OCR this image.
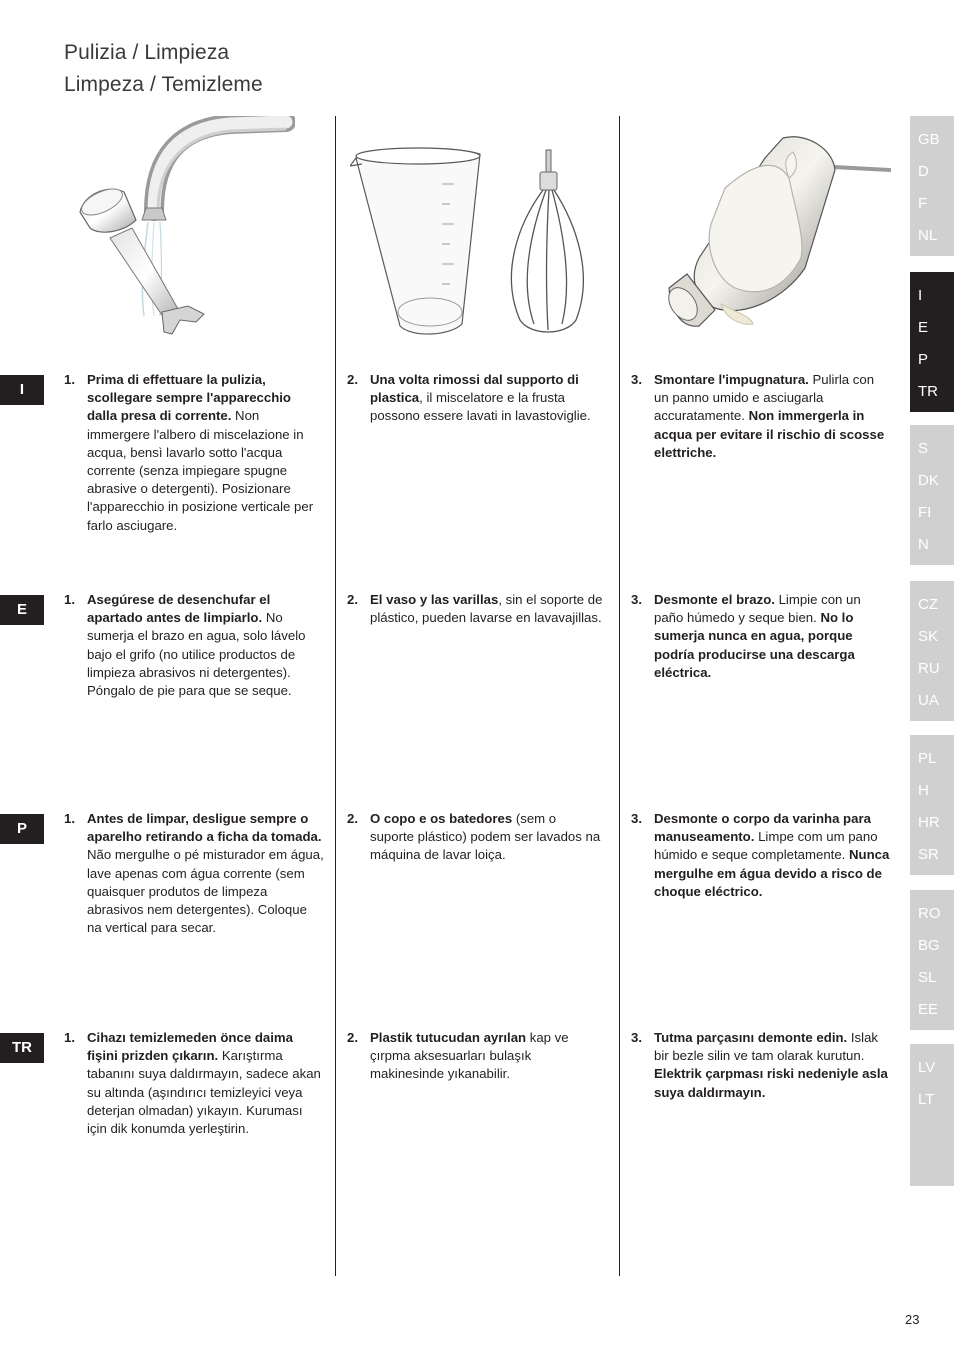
Pulizia / Limpieza
Limpeza / Temizleme
I
1. Prima di effettuare la pulizia, scollegare sempre l'apparecchio dalla presa di corrente. Non immergere l'albero di miscelazione in acqua, bensì lavarlo sotto l'acqua corrente (senza impiegare spugne abrasive o detergenti). Posizionare l'apparecchio in posizione verticale per farlo asciugare.
2. Una volta rimossi dal supporto di plastica, il miscelatore e la frusta possono essere lavati in lavastoviglie.
3. Smontare l'impugnatura. Pulirla con un panno umido e asciugarla accuratamente. Non immergerla in acqua per evitare il rischio di scosse elettriche.
E
1. Asegúrese de desenchufar el apartado antes de limpiarlo. No sumerja el brazo en agua, solo lávelo bajo el grifo (no utilice productos de limpieza abrasivos ni detergentes). Póngalo de pie para que se seque.
2. El vaso y las varillas, sin el soporte de plástico, pueden lavarse en lavavajillas.
3. Desmonte el brazo. Limpie con un paño húmedo y seque bien. No lo sumerja nunca en agua, porque podría producirse una descarga eléctrica.
P
1. Antes de limpar, desligue sempre o aparelho retirando a ficha da tomada. Não mergulhe o pé misturador em água, lave apenas com água corrente (sem quaisquer produtos de limpeza abrasivos nem detergentes). Coloque na vertical para secar.
2. O copo e os batedores (sem o suporte plástico) podem ser lavados na máquina de lavar loiça.
3. Desmonte o corpo da varinha para manuseamento. Limpe com um pano húmido e seque completamente. Nunca mergulhe em água devido a risco de choque eléctrico.
TR
1. Cihazı temizlemeden önce daima fişini prizden çıkarın. Karıştırma tabanını suya daldırmayın, sadece akan su altında (aşındırıcı temizleyici veya deterjan olmadan) yıkayın. Kuruması için dik konumda yerleştirin.
2. Plastik tutucudan ayrılan kap ve çırpma aksesuarları bulaşık makinesinde yıkanabilir.
3. Tutma parçasını demonte edin. Islak bir bezle silin ve tam olarak kurutun. Elektrik çarpması riski nedeniyle asla suya daldırmayın.
GB
D
F
NL
I
E
P
TR
S
DK
FI
N
CZ
SK
RU
UA
PL
H
HR
SR
RO
BG
SL
EE
LV
LT
23
